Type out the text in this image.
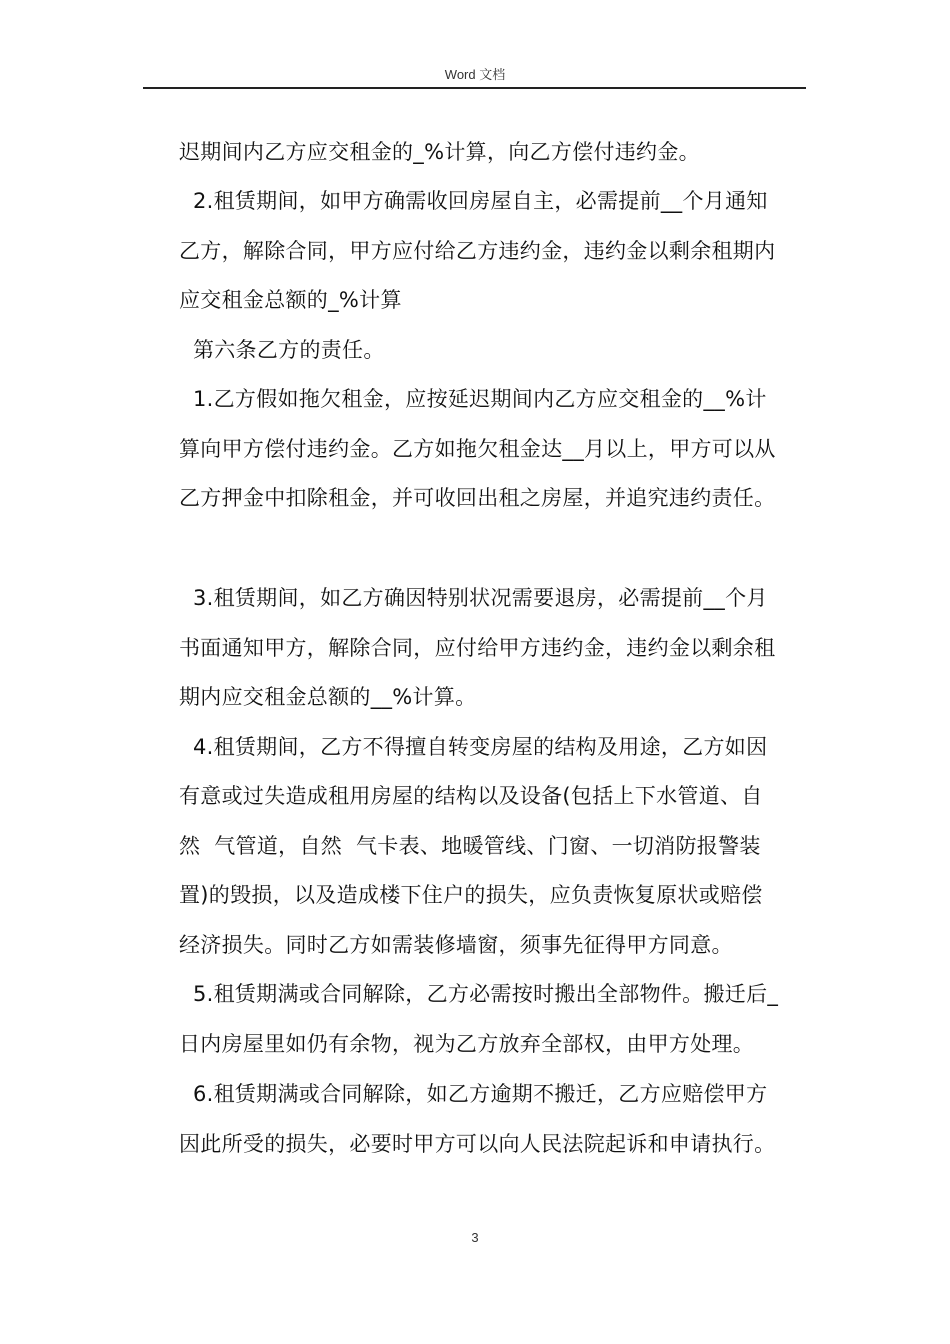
Word 文档
迟期间内乙方应交租金的_%计算，向乙方偿付违约金。
2.租赁期间，如甲方确需收回房屋自主，必需提前__个月通知
乙方，解除合同，甲方应付给乙方违约金，违约金以剩余租期内
应交租金总额的_%计算
第六条乙方的责任。
1.乙方假如拖欠租金，应按延迟期间内乙方应交租金的__%计
算向甲方偿付违约金。乙方如拖欠租金达__月以上，甲方可以从
乙方押金中扣除租金，并可收回出租之房屋，并追究违约责任。
3.租赁期间，如乙方确因特别状况需要退房，必需提前__个月
书面通知甲方，解除合同，应付给甲方违约金，违约金以剩余租
期内应交租金总额的__%计算。
4.租赁期间，乙方不得擅自转变房屋的结构及用途，乙方如因
有意或过失造成租用房屋的结构以及设备(包括上下水管道、自
然  气管道，自然  气卡表、地暖管线、门窗、一切消防报警装
置)的毁损，以及造成楼下住户的损失，应负责恢复原状或赔偿
经济损失。同时乙方如需装修墙窗，须事先征得甲方同意。
5.租赁期满或合同解除，乙方必需按时搬出全部物件。搬迁后_
日内房屋里如仍有余物，视为乙方放弃全部权，由甲方处理。
6.租赁期满或合同解除，如乙方逾期不搬迁，乙方应赔偿甲方
因此所受的损失，必要时甲方可以向人民法院起诉和申请执行。
3
